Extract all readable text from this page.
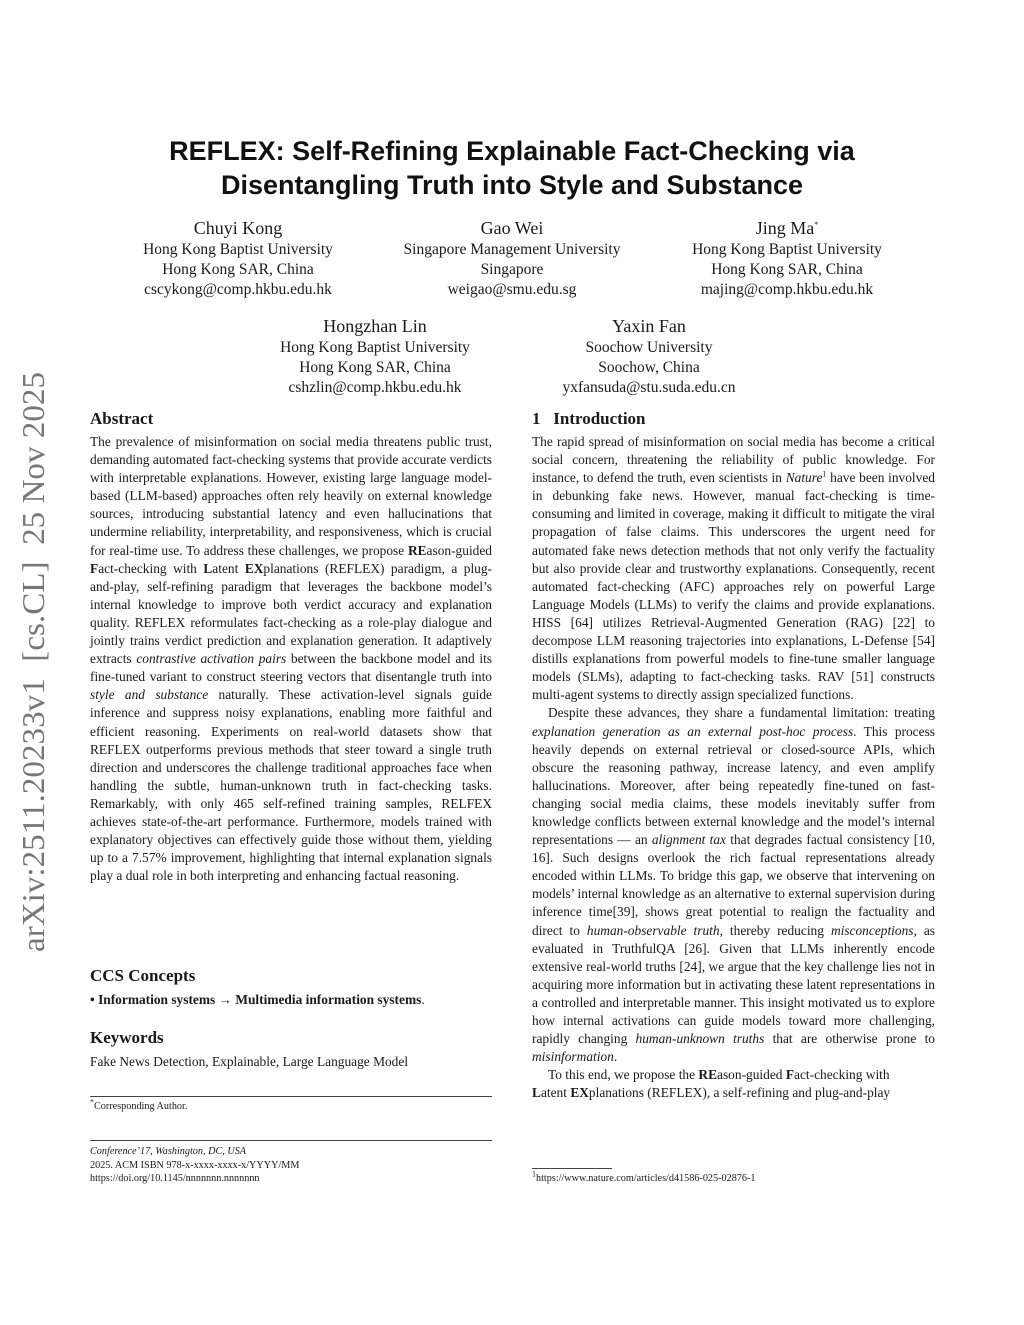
arXiv:2511.20233v1  [cs.CL]  25 Nov 2025
REFLEX: Self-Refining Explainable Fact-Checking via
Disentangling Truth into Style and Substance
Chuyi Kong
Hong Kong Baptist University
Hong Kong SAR, China
cscykong@comp.hkbu.edu.hk
Gao Wei
Singapore Management University
Singapore
weigao@smu.edu.sg
Jing Ma*
Hong Kong Baptist University
Hong Kong SAR, China
majing@comp.hkbu.edu.hk
Hongzhan Lin
Hong Kong Baptist University
Hong Kong SAR, China
cshzlin@comp.hkbu.edu.hk
Yaxin Fan
Soochow University
Soochow, China
yxfansuda@stu.suda.edu.cn
Abstract

The prevalence of misinformation on social media threatens public trust, demanding automated fact-checking systems that provide accurate verdicts with interpretable explanations. However, existing large language model-based (LLM-based) approaches often rely heavily on external knowledge sources, introducing substantial latency and even hallucinations that undermine reliability, interpretability, and responsiveness, which is crucial for real-time use. To address these challenges, we propose REason-guided Fact-checking with Latent EXplanations (REFLEX) paradigm, a plug-and-play, self-refining paradigm that leverages the backbone model’s internal knowledge to improve both verdict accuracy and explanation quality. REFLEX reformulates fact-checking as a role-play dialogue and jointly trains verdict prediction and explanation generation. It adaptively extracts contrastive activation pairs between the backbone model and its fine-tuned variant to construct steering vectors that disentangle truth into style and substance naturally. These activation-level signals guide inference and suppress noisy explanations, enabling more faithful and efficient reasoning. Experiments on real-world datasets show that REFLEX outperforms previous methods that steer toward a single truth direction and underscores the challenge traditional approaches face when handling the subtle, human-unknown truth in fact-checking tasks. Remarkably, with only 465 self-refined training samples, RELFEX achieves state-of-the-art performance. Furthermore, models trained with explanatory objectives can effectively guide those without them, yielding up to a 7.57% improvement, highlighting that internal explanation signals play a dual role in both interpreting and enhancing factual reasoning.

CCS Concepts
• Information systems → Multimedia information systems.
Keywords
Fake News Detection, Explainable, Large Language Model
*Corresponding Author.
Conference’17, Washington, DC, USA
2025. ACM ISBN 978-x-xxxx-xxxx-x/YYYY/MM
https://doi.org/10.1145/nnnnnnn.nnnnnnn
1 Introduction

The rapid spread of misinformation on social media has become a critical social concern, threatening the reliability of public knowledge. For instance, to defend the truth, even scientists in Nature$^1$ have been involved in debunking fake news. However, manual fact-checking is time-consuming and limited in coverage, making it difficult to mitigate the viral propagation of false claims. This underscores the urgent need for automated fake news detection methods that not only verify the factuality but also provide clear and trustworthy explanations. Consequently, recent automated fact-checking (AFC) approaches rely on powerful Large Language Models (LLMs) to verify the claims and provide explanations. HISS [64] utilizes Retrieval-Augmented Generation (RAG) [22] to decompose LLM reasoning trajectories into explanations, L-Defense [54] distills explanations from powerful models to fine-tune smaller language models (SLMs), adapting to fact-checking tasks. RAV [51] constructs multi-agent systems to directly assign specialized functions.

Despite these advances, they share a fundamental limitation: treating explanation generation as an external post-hoc process. This process heavily depends on external retrieval or closed-source APIs, which obscure the reasoning pathway, increase latency, and even amplify hallucinations. Moreover, after being repeatedly fine-tuned on fast-changing social media claims, these models inevitably suffer from knowledge conflicts between external knowledge and the model’s internal representations — an alignment tax that degrades factual consistency [10, 16]. Such designs overlook the rich factual representations already encoded within LLMs. To bridge this gap, we observe that intervening on models’ internal knowledge as an alternative to external supervision during inference time[39], shows great potential to realign the factuality and direct to human-observable truth, thereby reducing misconceptions, as evaluated in TruthfulQA [26]. Given that LLMs inherently encode extensive real-world truths [24], we argue that the key challenge lies not in acquiring more information but in activating these latent representations in a controlled and interpretable manner. This insight motivated us to explore how internal activations can guide models toward more challenging, rapidly changing human-unknown truths that are otherwise prone to misinformation.

To this end, we propose the REason-guided Fact-checking with
Latent EXplanations (REFLEX), a self-refining and plug-and-play

$^1$https://www.nature.com/articles/d41586-025-02876-1
